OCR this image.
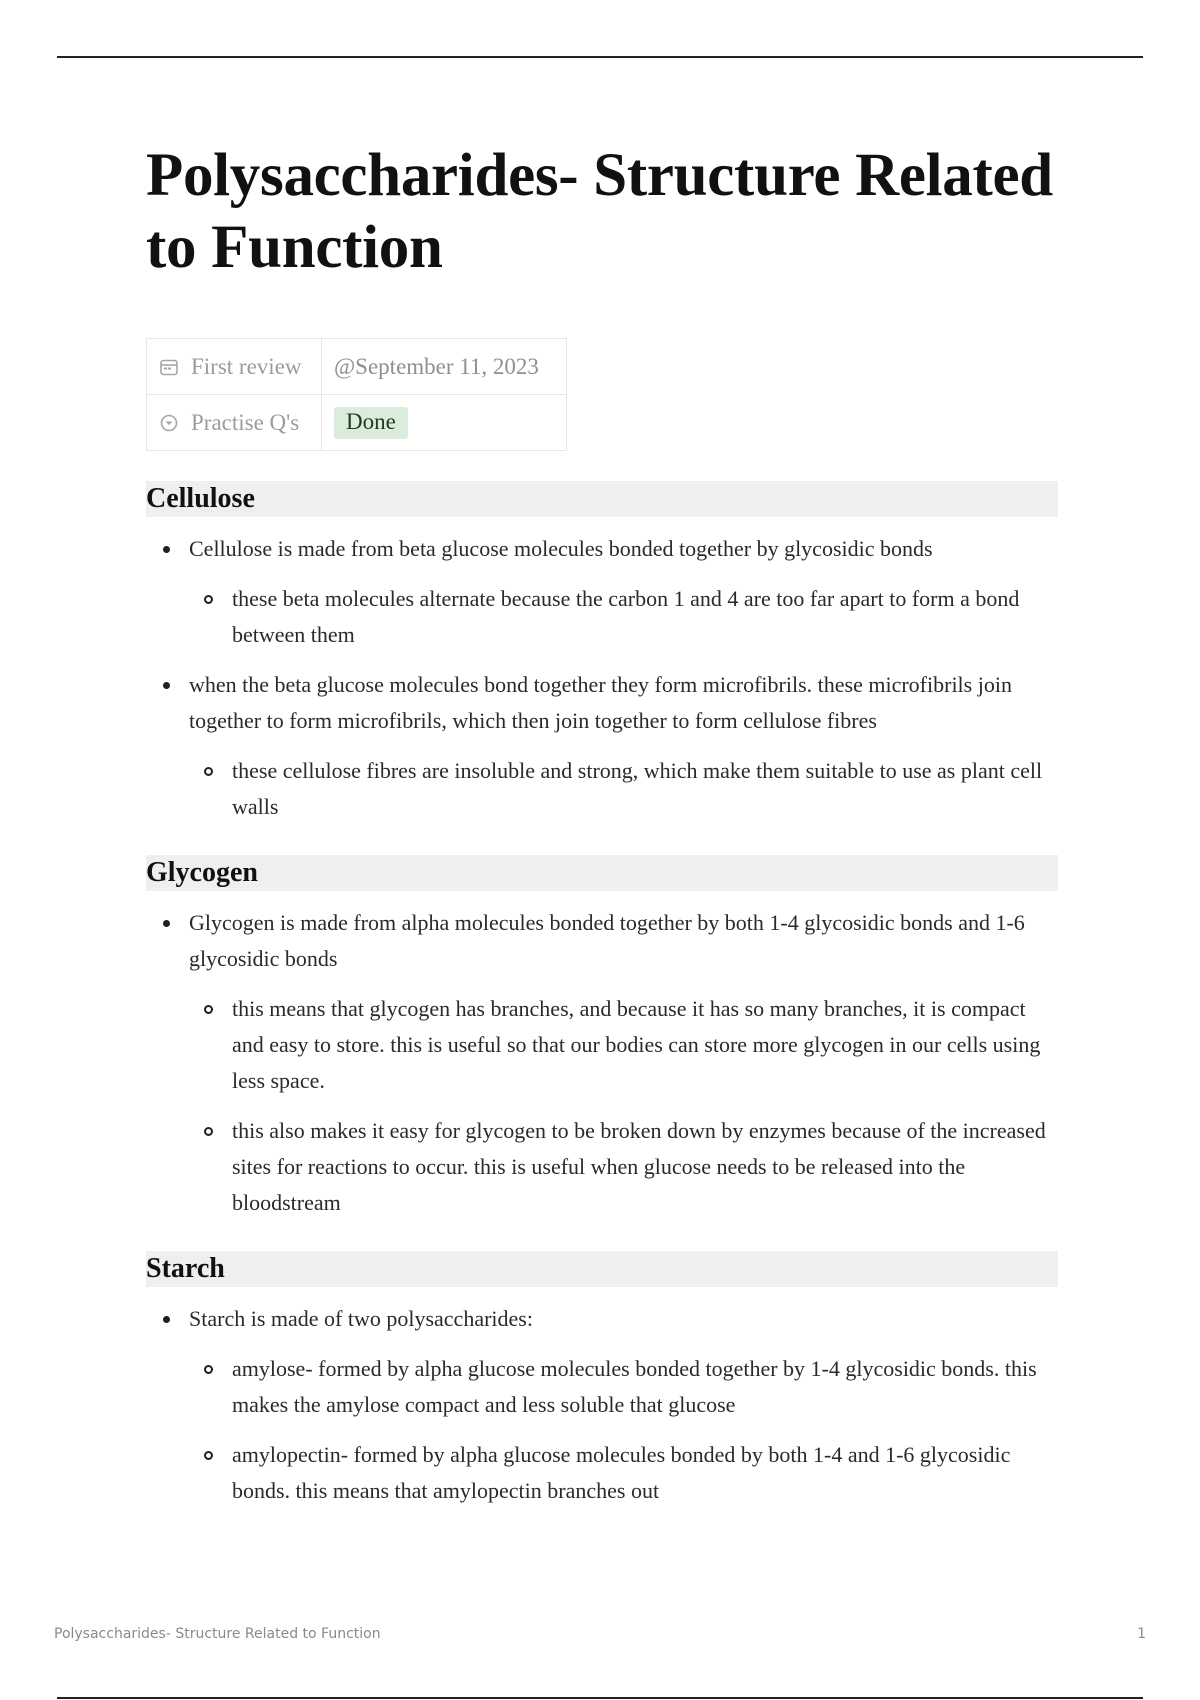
Polysaccharides- Structure Related to Function
First review	@September 11, 2023
Practise Q's	Done
Cellulose
Cellulose is made from beta glucose molecules bonded together by glycosidic bonds
these beta molecules alternate because the carbon 1 and 4 are too far apart to form a bond between them
when the beta glucose molecules bond together they form microfibrils. these microfibrils join together to form microfibrils, which then join together to form cellulose fibres
these cellulose fibres are insoluble and strong, which make them suitable to use as plant cell walls
Glycogen
Glycogen is made from alpha molecules bonded together by both 1-4 glycosidic bonds and 1-6 glycosidic bonds
this means that glycogen has branches, and because it has so many branches, it is compact and easy to store. this is useful so that our bodies can store more glycogen in our cells using less space.
this also makes it easy for glycogen to be broken down by enzymes because of the increased sites for reactions to occur. this is useful when glucose needs to be released into the bloodstream
Starch
Starch is made of two polysaccharides:
amylose- formed by alpha glucose molecules bonded together by 1-4 glycosidic bonds. this makes the amylose compact and less soluble that glucose
amylopectin- formed by alpha glucose molecules bonded by both 1-4 and 1-6 glycosidic bonds. this means that amylopectin branches out
Polysaccharides- Structure Related to Function	1
